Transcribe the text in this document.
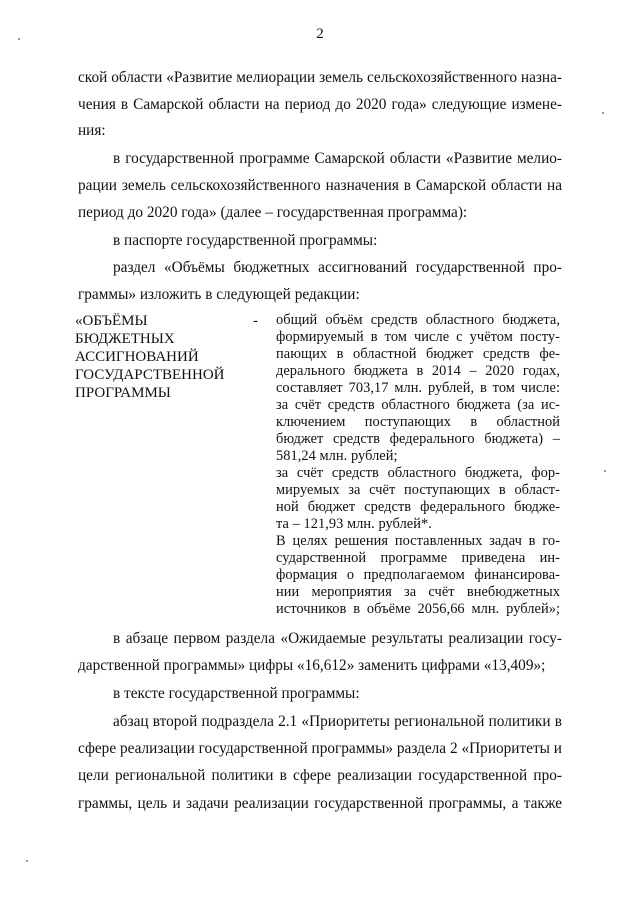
2
ской области «Развитие мелиорации земель сельскохозяйственного назна-
чения в Самарской области на период до 2020 года» следующие измене-
ния:
в государственной программе Самарской области «Развитие мелио-
рации земель сельскохозяйственного назначения в Самарской области на
период до 2020 года» (далее – государственная программа):
в паспорте государственной программы:
раздел «Объёмы бюджетных ассигнований государственной про-
граммы» изложить в следующей редакции:
«ОБЪЁМЫ
БЮДЖЕТНЫХ
АССИГНОВАНИЙ
ГОСУДАРСТВЕННОЙ
ПРОГРАММЫ
- общий объём средств областного бюджета,
формируемый в том числе с учётом посту-
пающих в областной бюджет средств фе-
дерального бюджета в 2014 – 2020 годах,
составляет 703,17 млн. рублей, в том числе:
за счёт средств областного бюджета (за ис-
ключением поступающих в областной
бюджет средств федерального бюджета) –
581,24 млн. рублей;
за счёт средств областного бюджета, фор-
мируемых за счёт поступающих в област-
ной бюджет средств федерального бюдже-
та – 121,93 млн. рублей*.
В целях решения поставленных задач в го-
сударственной программе приведена ин-
формация о предполагаемом финансирова-
нии мероприятия за счёт внебюджетных
источников в объёме 2056,66 млн. рублей»;
в абзаце первом раздела «Ожидаемые результаты реализации госу-
дарственной программы» цифры «16,612» заменить цифрами «13,409»;
в тексте государственной программы:
абзац второй подраздела 2.1 «Приоритеты региональной политики в
сфере реализации государственной программы» раздела 2 «Приоритеты и
цели региональной политики в сфере реализации государственной про-
граммы, цель и задачи реализации государственной программы, а также
